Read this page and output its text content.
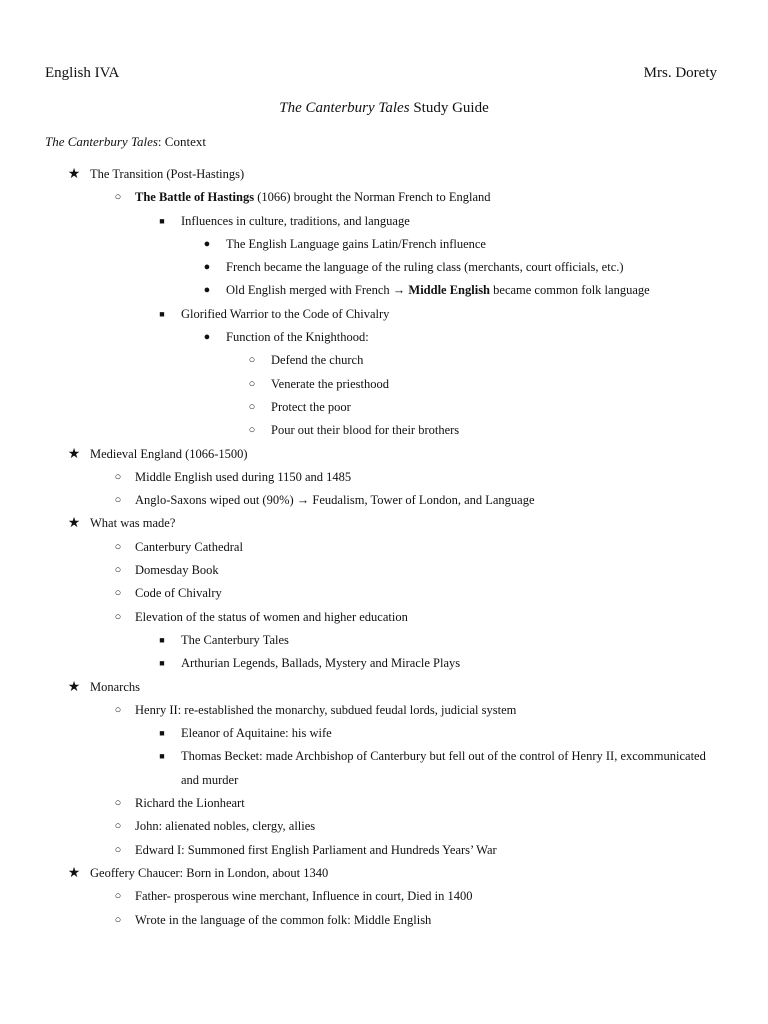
English IVA	Mrs. Dorety
The Canterbury Tales Study Guide
The Canterbury Tales: Context
★ The Transition (Post-Hastings)
○	The Battle of Hastings (1066) brought the Norman French to England
■	Influences in culture, traditions, and language
●	The English Language gains Latin/French influence
●	French became the language of the ruling class (merchants, court officials, etc.)
●	Old English merged with French → Middle English became common folk language
■	Glorified Warrior to the Code of Chivalry
●	Function of the Knighthood:
○	Defend the church
○	Venerate the priesthood
○	Protect the poor
○	Pour out their blood for their brothers
★ Medieval England (1066-1500)
○	Middle English used during 1150 and 1485
○	Anglo-Saxons wiped out (90%) → Feudalism, Tower of London, and Language
★ What was made?
○	Canterbury Cathedral
○	Domesday Book
○	Code of Chivalry
○	Elevation of the status of women and higher education
■	The Canterbury Tales
■	Arthurian Legends, Ballads, Mystery and Miracle Plays
★ Monarchs
○	Henry II: re-established the monarchy, subdued feudal lords, judicial system
■	Eleanor of Aquitaine: his wife
■	Thomas Becket: made Archbishop of Canterbury but fell out of the control of Henry II, excommunicated and murder
○	Richard the Lionheart
○	John: alienated nobles, clergy, allies
○	Edward I: Summoned first English Parliament and Hundreds Years’ War
★ Geoffery Chaucer: Born in London, about 1340
○	Father- prosperous wine merchant, Influence in court, Died in 1400
○	Wrote in the language of the common folk: Middle English
